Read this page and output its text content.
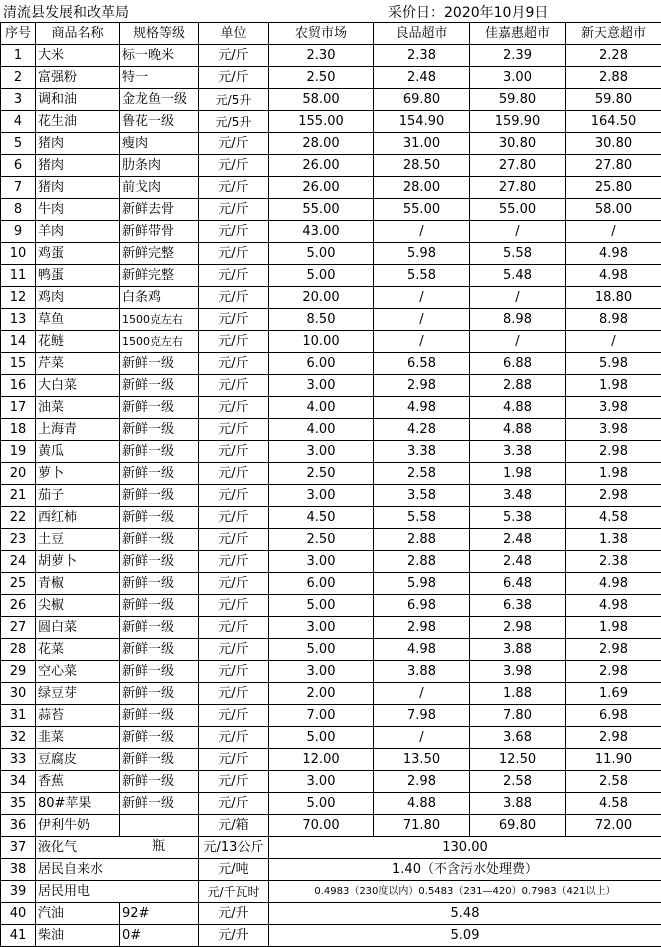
清流县发展和改革局	采价日：2020年10月9日
序号	商品名称	规格等级	单位	农贸市场	良品超市	佳嘉惠超市	新天意超市
1	大米	标一晚米	元/斤	2.30	2.38	2.39	2.28
2	富强粉	特一	元/斤	2.50	2.48	3.00	2.88
3	调和油	金龙鱼一级	元/5升	58.00	69.80	59.80	59.80
4	花生油	鲁花一级	元/5升	155.00	154.90	159.90	164.50
5	猪肉	瘦肉	元/斤	28.00	31.00	30.80	30.80
6	猪肉	肋条肉	元/斤	26.00	28.50	27.80	27.80
7	猪肉	前戈肉	元/斤	26.00	28.00	27.80	25.80
8	牛肉	新鲜去骨	元/斤	55.00	55.00	55.00	58.00
9	羊肉	新鲜带骨	元/斤	43.00	/	/	/
10	鸡蛋	新鲜完整	元/斤	5.00	5.98	5.58	4.98
11	鸭蛋	新鲜完整	元/斤	5.00	5.58	5.48	4.98
12	鸡肉	白条鸡	元/斤	20.00	/	/	18.80
13	草鱼	1500克左右	元/斤	8.50	/	8.98	8.98
14	花鲢	1500克左右	元/斤	10.00	/	/	/
15	芹菜	新鲜一级	元/斤	6.00	6.58	6.88	5.98
16	大白菜	新鲜一级	元/斤	3.00	2.98	2.88	1.98
17	油菜	新鲜一级	元/斤	4.00	4.98	4.88	3.98
18	上海青	新鲜一级	元/斤	4.00	4.28	4.88	3.98
19	黄瓜	新鲜一级	元/斤	3.00	3.38	3.38	2.98
20	萝卜	新鲜一级	元/斤	2.50	2.58	1.98	1.98
21	茄子	新鲜一级	元/斤	3.00	3.58	3.48	2.98
22	西红柿	新鲜一级	元/斤	4.50	5.58	5.38	4.58
23	土豆	新鲜一级	元/斤	2.50	2.88	2.48	1.38
24	胡萝卜	新鲜一级	元/斤	3.00	2.88	2.48	2.38
25	青椒	新鲜一级	元/斤	6.00	5.98	6.48	4.98
26	尖椒	新鲜一级	元/斤	5.00	6.98	6.38	4.98
27	圆白菜	新鲜一级	元/斤	3.00	2.98	2.98	1.98
28	花菜	新鲜一级	元/斤	5.00	4.98	3.88	2.98
29	空心菜	新鲜一级	元/斤	3.00	3.88	3.98	2.98
30	绿豆芽	新鲜一级	元/斤	2.00	/	1.88	1.69
31	蒜苔	新鲜一级	元/斤	7.00	7.98	7.80	6.98
32	韭菜	新鲜一级	元/斤	5.00	/	3.68	2.98
33	豆腐皮	新鲜一级	元/斤	12.00	13.50	12.50	11.90
34	香蕉	新鲜一级	元/斤	3.00	2.98	2.58	2.58
35	80#苹果	新鲜一级	元/斤	5.00	4.88	3.88	4.58
36	伊利牛奶		元/箱	70.00	71.80	69.80	72.00
37	液化气 瓶		元/13公斤	130.00			
38	居民自来水		元/吨	1.40（不含污水处理费）			
39	居民用电		元/千瓦时	0.4983（230度以内）0.5483（231—420）0.7983（421以上）			
40	汽油	92#	元/升	5.48			
41	柴油	0#	元/升	5.09			
